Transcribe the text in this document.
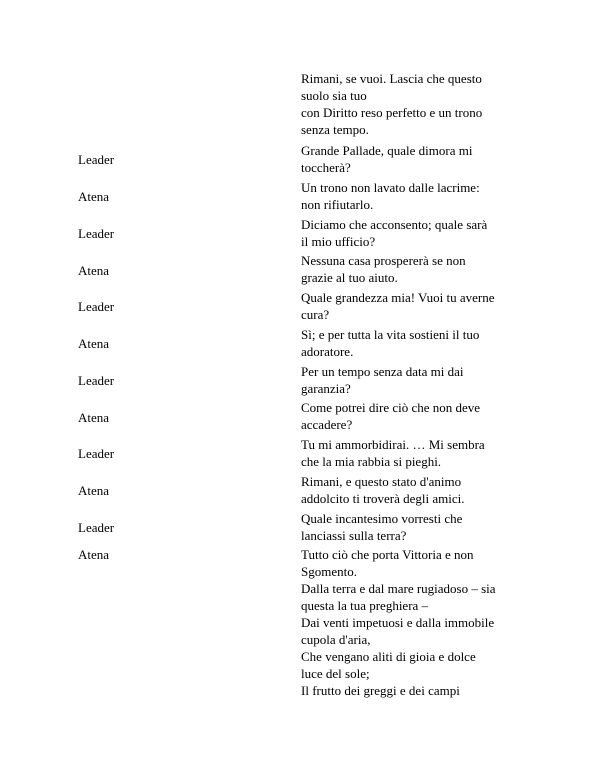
Leader
Atena
Leader
Atena
Leader
Atena
Leader
Atena
Leader
Atena
Leader
Atena
Rimani, se vuoi. Lascia che questo
suolo sia tuo
con Diritto reso perfetto e un trono
senza tempo.
Grande Pallade, quale dimora mi
toccherà?
Un trono non lavato dalle lacrime:
non rifiutarlo.
Diciamo che acconsento; quale sarà
il mio ufficio?
Nessuna casa prospererà se non
grazie al tuo aiuto.
Quale grandezza mia! Vuoi tu averne
cura?
Sì; e per tutta la vita sostieni il tuo
adoratore.
Per un tempo senza data mi dai
garanzia?
Come potrei dire ciò che non deve
accadere?
Tu mi ammorbidirai. … Mi sembra
che la mia rabbia si pieghi.
Rimani, e questo stato d'animo
addolcito ti troverà degli amici.
Quale incantesimo vorresti che
lanciassi sulla terra?
Tutto ciò che porta Vittoria e non
Sgomento.
Dalla terra e dal mare rugiadoso – sia
questa la tua preghiera –
Dai venti impetuosi e dalla immobile
cupola d'aria,
Che vengano aliti di gioia e dolce
luce del sole;
Il frutto dei greggi e dei campi
